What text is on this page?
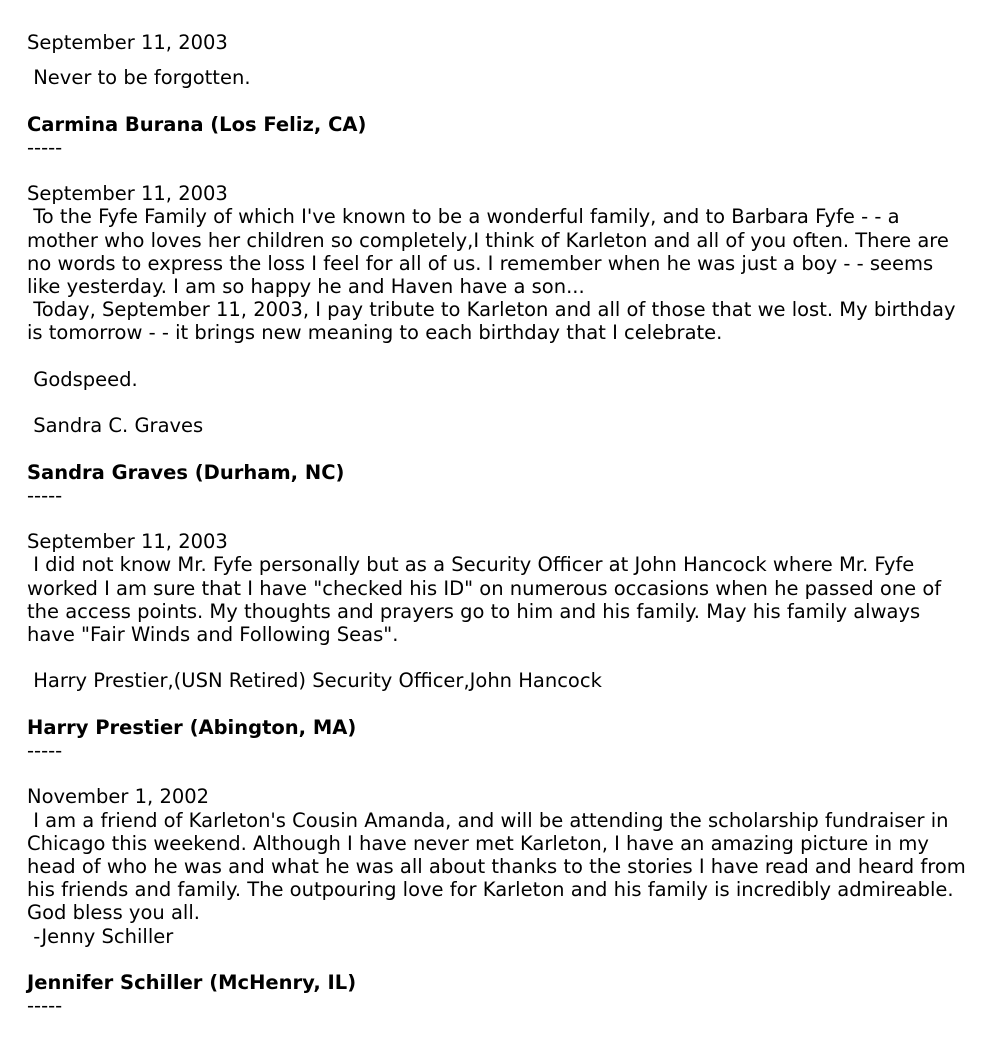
September 11, 2003

Never to be forgotten.

Carmina Burana (Los Feliz, CA)
-----
September 11, 2003

To the Fyfe Family of which I've known to be a wonderful family, and to Barbara Fyfe - - a mother who loves her children so completely,I think of Karleton and all of you often. There are no words to express the loss I feel for all of us. I remember when he was just a boy - - seems like yesterday. I am so happy he and Haven have a son...

Today, September 11, 2003, I pay tribute to Karleton and all of those that we lost. My birthday is tomorrow - - it brings new meaning to each birthday that I celebrate.

Godspeed.

Sandra C. Graves

Sandra Graves (Durham, NC)
-----
September 11, 2003

I did not know Mr. Fyfe personally but as a Security Officer at John Hancock where Mr. Fyfe worked I am sure that I have "checked his ID" on numerous occasions when he passed one of the access points. My thoughts and prayers go to him and his family. May his family always have "Fair Winds and Following Seas".

Harry Prestier,(USN Retired) Security Officer,John Hancock

Harry Prestier (Abington, MA)
-----
November 1, 2002

I am a friend of Karleton's Cousin Amanda, and will be attending the scholarship fundraiser in Chicago this weekend. Although I have never met Karleton, I have an amazing picture in my head of who he was and what he was all about thanks to the stories I have read and heard from his friends and family. The outpouring love for Karleton and his family is incredibly admireable. God bless you all.

-Jenny Schiller

Jennifer Schiller (McHenry, IL)
-----
